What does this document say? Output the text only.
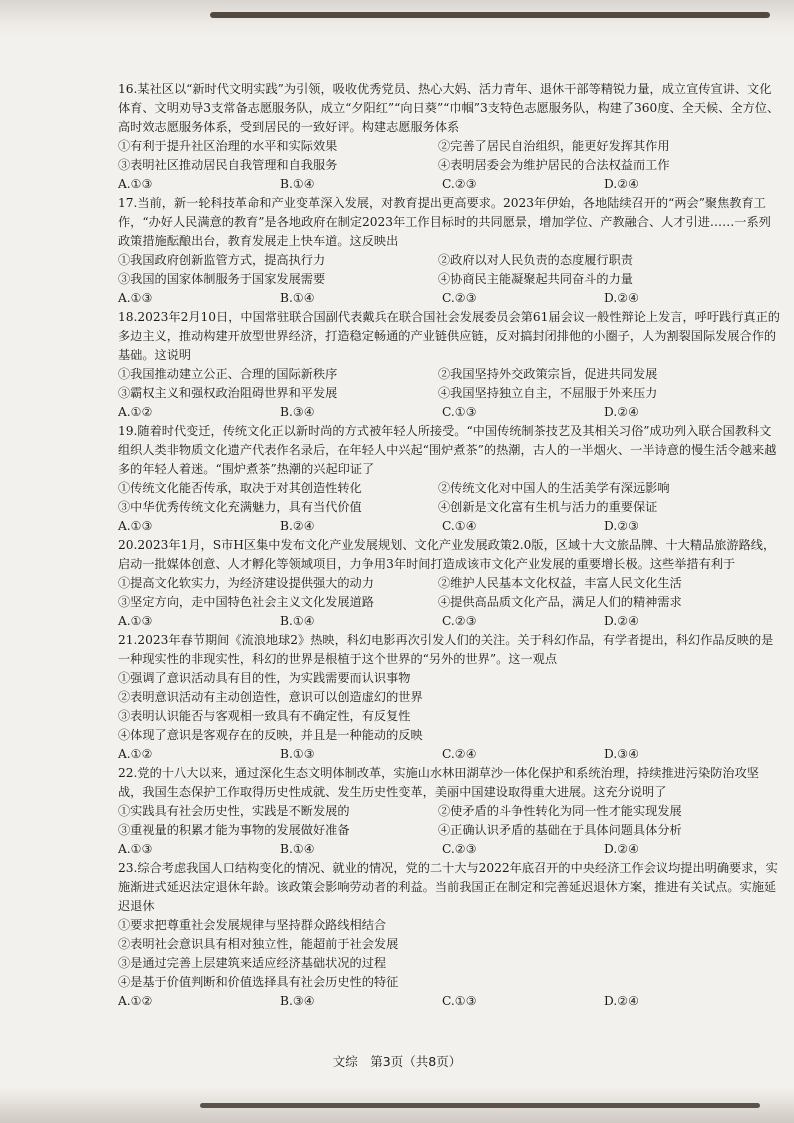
16.某社区以“新时代文明实践”为引领，吸收优秀党员、热心大妈、活力青年、退休干部等精锐力量，成立宣传宣讲、文化体育、文明劝导3支常备志愿服务队，成立“夕阳红”“向日葵”“巾帼”3支特色志愿服务队，构建了360度、全天候、全方位、高时效志愿服务体系，受到居民的一致好评。构建志愿服务体系

①有利于提升社区治理的水平和实际效果	②完善了居民自治组织，能更好发挥其作用
③表明社区推动居民自我管理和自我服务	④表明居委会为维护居民的合法权益而工作
A.①③	B.①④	C.②③	D.②④

17.当前，新一轮科技革命和产业变革深入发展，对教育提出更高要求。2023年伊始，各地陆续召开的“两会”聚焦教育工作，“办好人民满意的教育”是各地政府在制定2023年工作目标时的共同愿景，增加学位、产教融合、人才引进……一系列政策措施酝酿出台，教育发展走上快车道。这反映出

①我国政府创新监管方式，提高执行力	②政府以对人民负责的态度履行职责
③我国的国家体制服务于国家发展需要	④协商民主能凝聚起共同奋斗的力量
A.①③	B.①④	C.②③	D.②④

18.2023年2月10日，中国常驻联合国副代表戴兵在联合国社会发展委员会第61届会议一般性辩论上发言，呼吁践行真正的多边主义，推动构建开放型世界经济，打造稳定畅通的产业链供应链，反对搞封闭排他的小圈子，人为割裂国际发展合作的基础。这说明

①我国推动建立公正、合理的国际新秩序	②我国坚持外交政策宗旨，促进共同发展
③霸权主义和强权政治阻碍世界和平发展	④我国坚持独立自主，不屈服于外来压力
A.①②	B.③④	C.①③	D.②④

19.随着时代变迁，传统文化正以新时尚的方式被年轻人所接受。“中国传统制茶技艺及其相关习俗”成功列入联合国教科文组织人类非物质文化遗产代表作名录后，在年轻人中兴起“围炉煮茶”的热潮，古人的一半烟火、一半诗意的慢生活令越来越多的年轻人着迷。“围炉煮茶”热潮的兴起印证了

①传统文化能否传承，取决于对其创造性转化	②传统文化对中国人的生活美学有深远影响
③中华优秀传统文化充满魅力，具有当代价值	④创新是文化富有生机与活力的重要保证
A.①③	B.②④	C.①④	D.②③

20.2023年1月，S市H区集中发布文化产业发展规划、文化产业发展政策2.0版，区域十大文旅品牌、十大精品旅游路线，启动一批媒体创意、人才孵化等领域项目，力争用3年时间打造成该市文化产业发展的重要增长极。这些举措有利于

①提高文化软实力，为经济建设提供强大的动力	②维护人民基本文化权益，丰富人民文化生活
③坚定方向，走中国特色社会主义文化发展道路	④提供高品质文化产品，满足人们的精神需求
A.①③	B.①④	C.②③	D.②④

21.2023年春节期间《流浪地球2》热映，科幻电影再次引发人们的关注。关于科幻作品，有学者提出，科幻作品反映的是一种现实性的非现实性，科幻的世界是根植于这个世界的“另外的世界”。这一观点

①强调了意识活动具有目的性，为实践需要而认识事物
②表明意识活动有主动创造性，意识可以创造虚幻的世界
③表明认识能否与客观相一致具有不确定性，有反复性
④体现了意识是客观存在的反映，并且是一种能动的反映
A.①②	B.①③	C.②④	D.③④

22.党的十八大以来，通过深化生态文明体制改革，实施山水林田湖草沙一体化保护和系统治理，持续推进污染防治攻坚战，我国生态保护工作取得历史性成就、发生历史性变革，美丽中国建设取得重大进展。这充分说明了

①实践具有社会历史性，实践是不断发展的	②使矛盾的斗争性转化为同一性才能实现发展
③重视量的积累才能为事物的发展做好准备	④正确认识矛盾的基础在于具体问题具体分析
A.①③	B.①④	C.②③	D.②④

23.综合考虑我国人口结构变化的情况、就业的情况，党的二十大与2022年底召开的中央经济工作会议均提出明确要求，实施渐进式延迟法定退休年龄。该政策会影响劳动者的利益。当前我国正在制定和完善延迟退休方案，推进有关试点。实施延迟退休

①要求把尊重社会发展规律与坚持群众路线相结合
②表明社会意识具有相对独立性，能超前于社会发展
③是通过完善上层建筑来适应经济基础状况的过程
④是基于价值判断和价值选择具有社会历史性的特征
A.①②	B.③④	C.①③	D.②④
文综　第3页（共8页）
